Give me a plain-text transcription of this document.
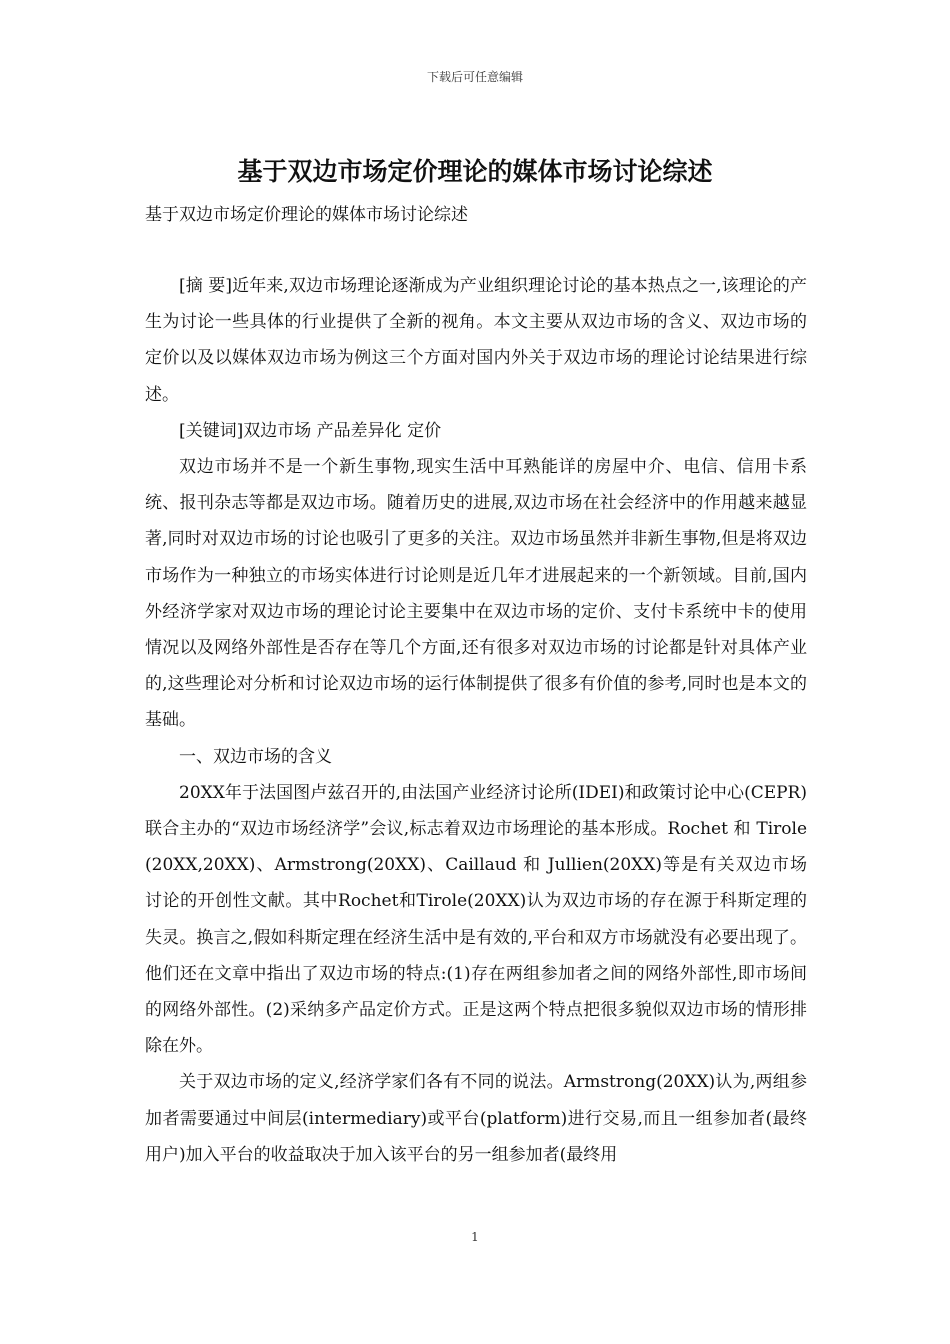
下载后可任意编辑
基于双边市场定价理论的媒体市场讨论综述
基于双边市场定价理论的媒体市场讨论综述

[摘 要]近年来,双边市场理论逐渐成为产业组织理论讨论的基本热点之一,该理论的产生为讨论一些具体的行业提供了全新的视角。本文主要从双边市场的含义、双边市场的定价以及以媒体双边市场为例这三个方面对国内外关于双边市场的理论讨论结果进行综述。

[关键词]双边市场 产品差异化 定价

双边市场并不是一个新生事物,现实生活中耳熟能详的房屋中介、电信、信用卡系统、报刊杂志等都是双边市场。随着历史的进展,双边市场在社会经济中的作用越来越显著,同时对双边市场的讨论也吸引了更多的关注。双边市场虽然并非新生事物,但是将双边市场作为一种独立的市场实体进行讨论则是近几年才进展起来的一个新领域。目前,国内外经济学家对双边市场的理论讨论主要集中在双边市场的定价、支付卡系统中卡的使用情况以及网络外部性是否存在等几个方面,还有很多对双边市场的讨论都是针对具体产业的,这些理论对分析和讨论双边市场的运行体制提供了很多有价值的参考,同时也是本文的基础。

一、双边市场的含义

20XX年于法国图卢兹召开的,由法国产业经济讨论所(IDEI)和政策讨论中心(CEPR)联合主办的“双边市场经济学”会议,标志着双边市场理论的基本形成。Rochet 和 Tirole (20XX,20XX)、Armstrong(20XX)、Caillaud 和 Jullien(20XX)等是有关双边市场讨论的开创性文献。其中Rochet和Tirole(20XX)认为双边市场的存在源于科斯定理的失灵。换言之,假如科斯定理在经济生活中是有效的,平台和双方市场就没有必要出现了。他们还在文章中指出了双边市场的特点:(1)存在两组参加者之间的网络外部性,即市场间的网络外部性。(2)采纳多产品定价方式。正是这两个特点把很多貌似双边市场的情形排除在外。

关于双边市场的定义,经济学家们各有不同的说法。Armstrong(20XX)认为,两组参加者需要通过中间层(intermediary)或平台(platform)进行交易,而且一组参加者(最终用户)加入平台的收益取决于加入该平台的另一组参加者(最终用

1
